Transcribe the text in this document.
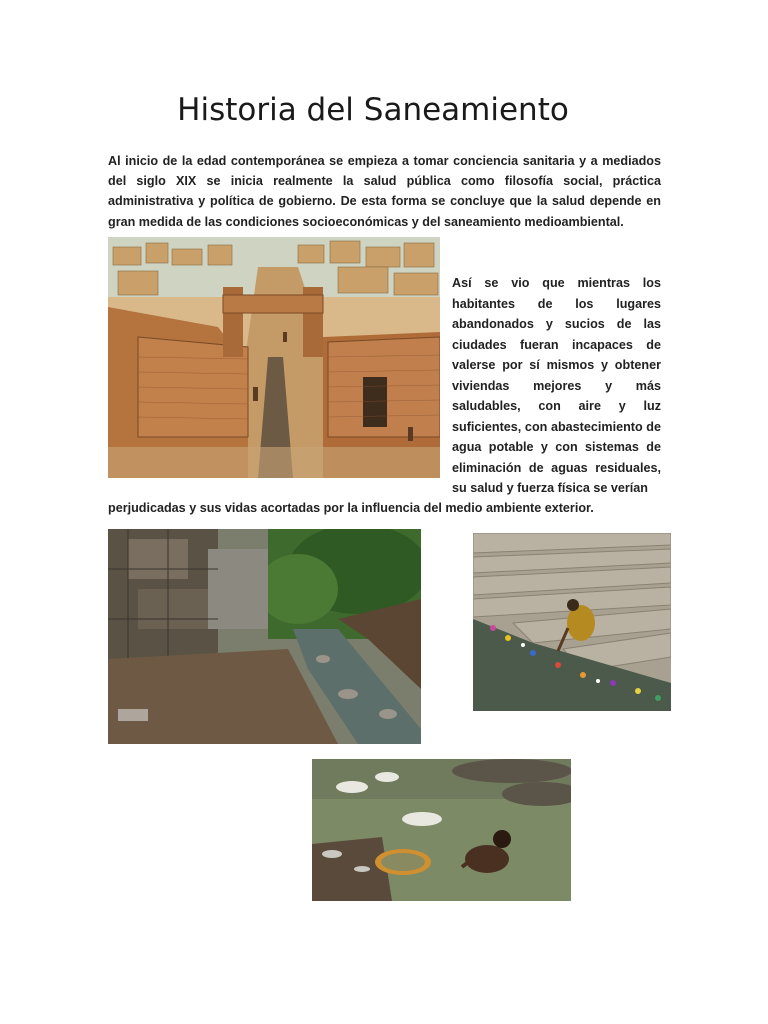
Historia del Saneamiento

Al inicio de la edad contemporánea se empieza a tomar conciencia sanitaria y a mediados del siglo XIX se inicia realmente la salud pública como filosofía social, práctica administrativa y política de gobierno. De esta forma se concluye que la salud depende en gran medida de las condiciones socioeconómicas y del saneamiento medioambiental.

Así se vio que mientras los habitantes de los lugares abandonados y sucios de las ciudades fueran incapaces de valerse por sí mismos y obtener viviendas mejores y más saludables, con aire y luz suficientes, con abastecimiento de agua potable y con sistemas de eliminación de aguas residuales, su salud y fuerza física se verían

perjudicadas y sus vidas acortadas por la influencia del medio ambiente exterior.
